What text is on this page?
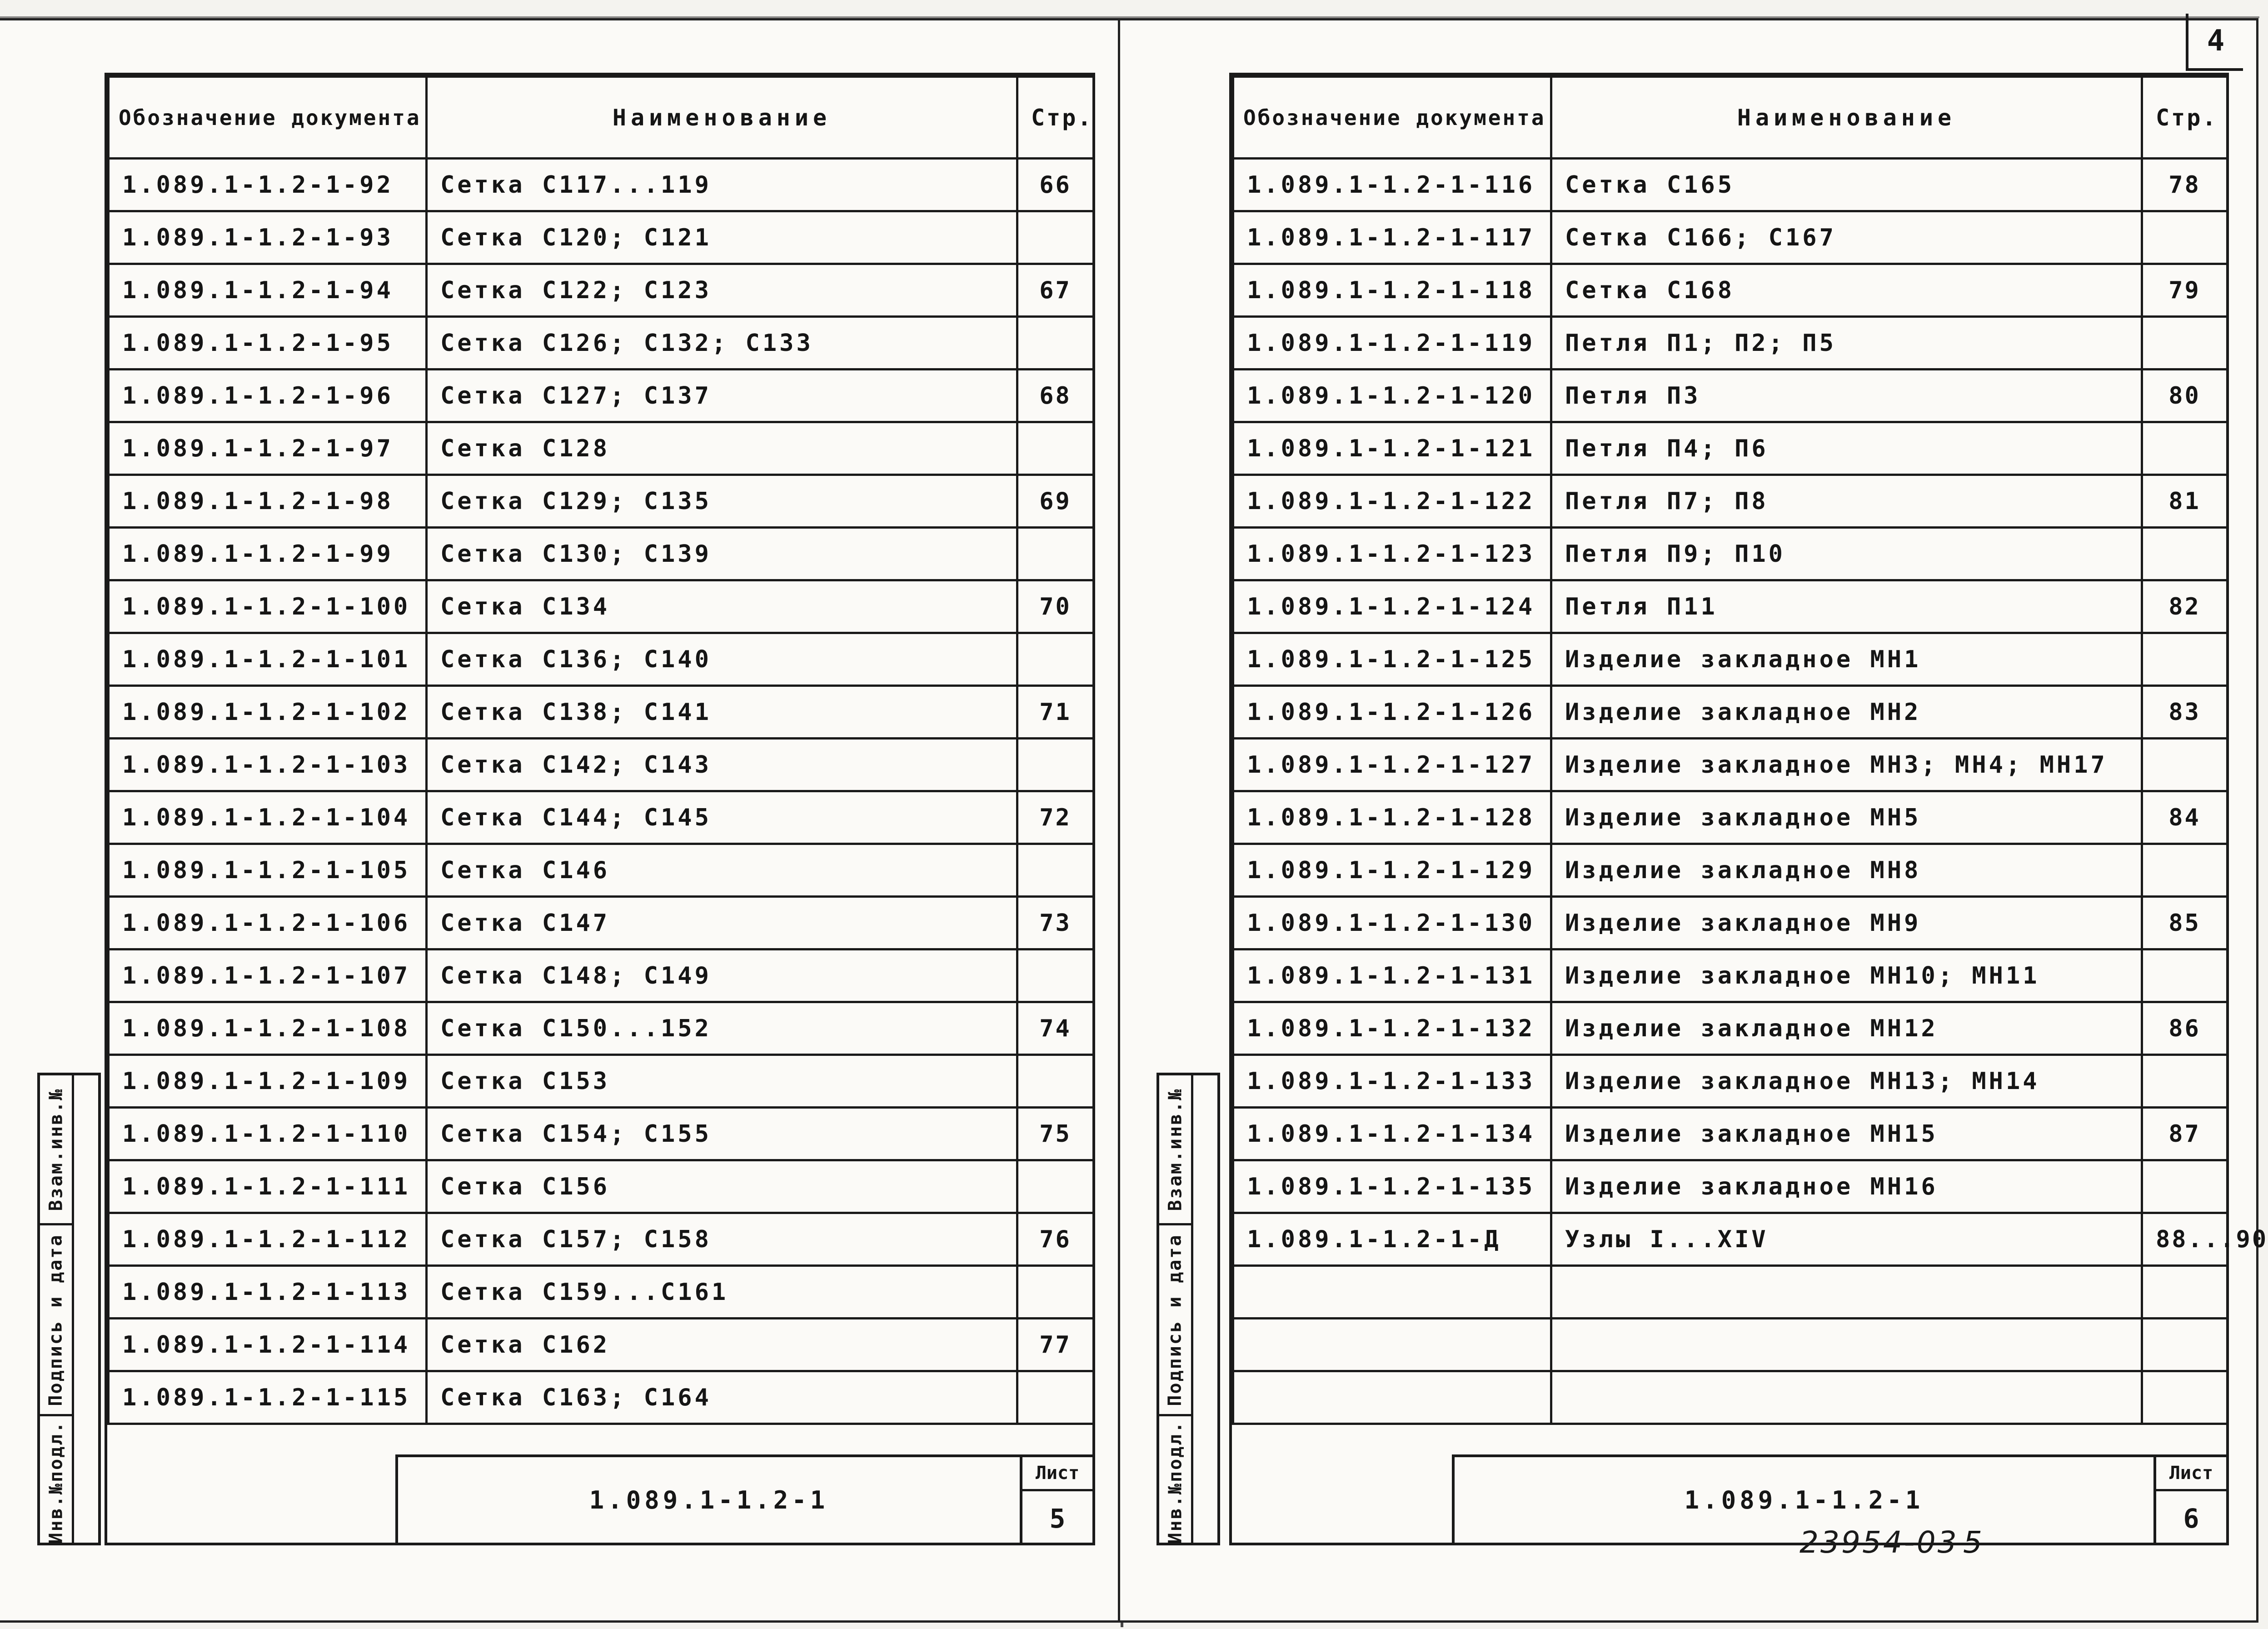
4
Обозначение документа	Наименование	Стр.
1.089.1-1.2-1-92	Сетка С117...119	66
1.089.1-1.2-1-93	Сетка С120; С121	
1.089.1-1.2-1-94	Сетка С122; С123	67
1.089.1-1.2-1-95	Сетка С126; С132; С133	
1.089.1-1.2-1-96	Сетка С127; С137	68
1.089.1-1.2-1-97	Сетка С128	
1.089.1-1.2-1-98	Сетка С129; С135	69
1.089.1-1.2-1-99	Сетка С130; С139	
1.089.1-1.2-1-100	Сетка С134	70
1.089.1-1.2-1-101	Сетка С136; С140	
1.089.1-1.2-1-102	Сетка С138; С141	71
1.089.1-1.2-1-103	Сетка С142; С143	
1.089.1-1.2-1-104	Сетка С144; С145	72
1.089.1-1.2-1-105	Сетка С146	
1.089.1-1.2-1-106	Сетка С147	73
1.089.1-1.2-1-107	Сетка С148; С149	
1.089.1-1.2-1-108	Сетка С150...152	74
1.089.1-1.2-1-109	Сетка С153	
1.089.1-1.2-1-110	Сетка С154; С155	75
1.089.1-1.2-1-111	Сетка С156	
1.089.1-1.2-1-112	Сетка С157; С158	76
1.089.1-1.2-1-113	Сетка С159...С161	
1.089.1-1.2-1-114	Сетка С162	77
1.089.1-1.2-1-115	Сетка С163; С164	
1.089.1-1.2-1
Лист
5
Взам.инв.№
Подпись и дата
Инв.№подл.
Обозначение документа	Наименование	Стр.
1.089.1-1.2-1-116	Сетка С165	78
1.089.1-1.2-1-117	Сетка С166; С167	
1.089.1-1.2-1-118	Сетка С168	79
1.089.1-1.2-1-119	Петля П1; П2; П5	
1.089.1-1.2-1-120	Петля П3	80
1.089.1-1.2-1-121	Петля П4; П6	
1.089.1-1.2-1-122	Петля П7; П8	81
1.089.1-1.2-1-123	Петля П9; П10	
1.089.1-1.2-1-124	Петля П11	82
1.089.1-1.2-1-125	Изделие закладное МН1	
1.089.1-1.2-1-126	Изделие закладное МН2	83
1.089.1-1.2-1-127	Изделие закладное МН3; МН4; МН17	
1.089.1-1.2-1-128	Изделие закладное МН5	84
1.089.1-1.2-1-129	Изделие закладное МН8	
1.089.1-1.2-1-130	Изделие закладное МН9	85
1.089.1-1.2-1-131	Изделие закладное МН10; МН11	
1.089.1-1.2-1-132	Изделие закладное МН12	86
1.089.1-1.2-1-133	Изделие закладное МН13; МН14	
1.089.1-1.2-1-134	Изделие закладное МН15	87
1.089.1-1.2-1-135	Изделие закладное МН16	
1.089.1-1.2-1-Д	Узлы I...XIV	88...90

1.089.1-1.2-1
Лист
6
Взам.инв.№
Подпись и дата
Инв.№подл.	23954-03 5
